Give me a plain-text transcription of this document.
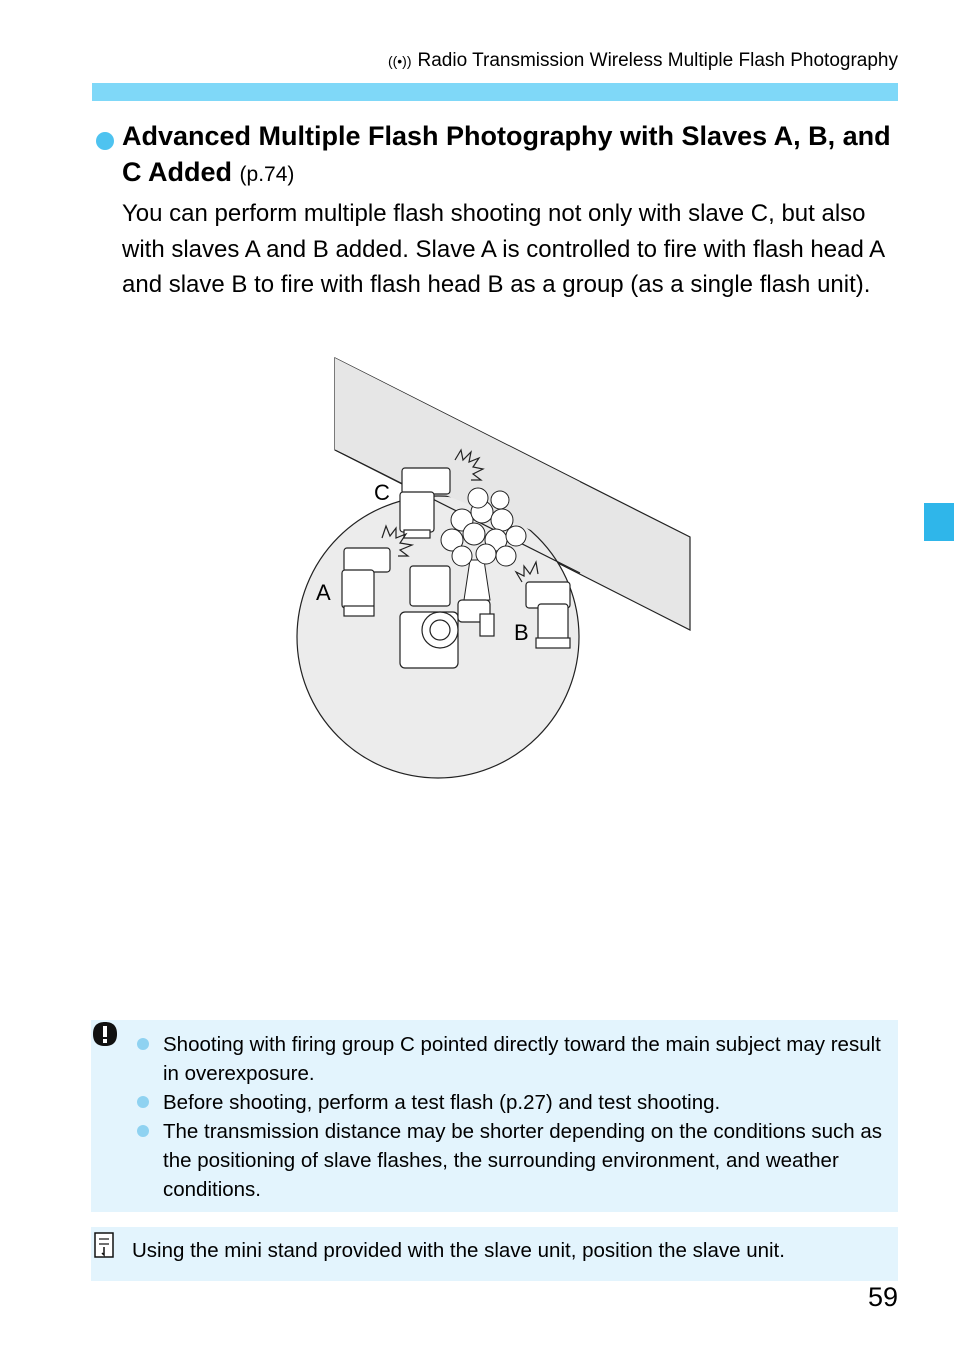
((•)) Radio Transmission Wireless Multiple Flash Photography
Advanced Multiple Flash Photography with Slaves A, B, and C Added (p.74)
You can perform multiple flash shooting not only with slave C, but also with slaves A and B added. Slave A is controlled to fire with flash head A and slave B to fire with flash head B as a group (as a single flash unit).
C
A
B
Shooting with firing group C pointed directly toward the main subject may result in overexposure.
Before shooting, perform a test flash (p.27) and test shooting.
The transmission distance may be shorter depending on the conditions such as the positioning of slave flashes, the surrounding environment, and weather conditions.
Using the mini stand provided with the slave unit, position the slave unit.
59
